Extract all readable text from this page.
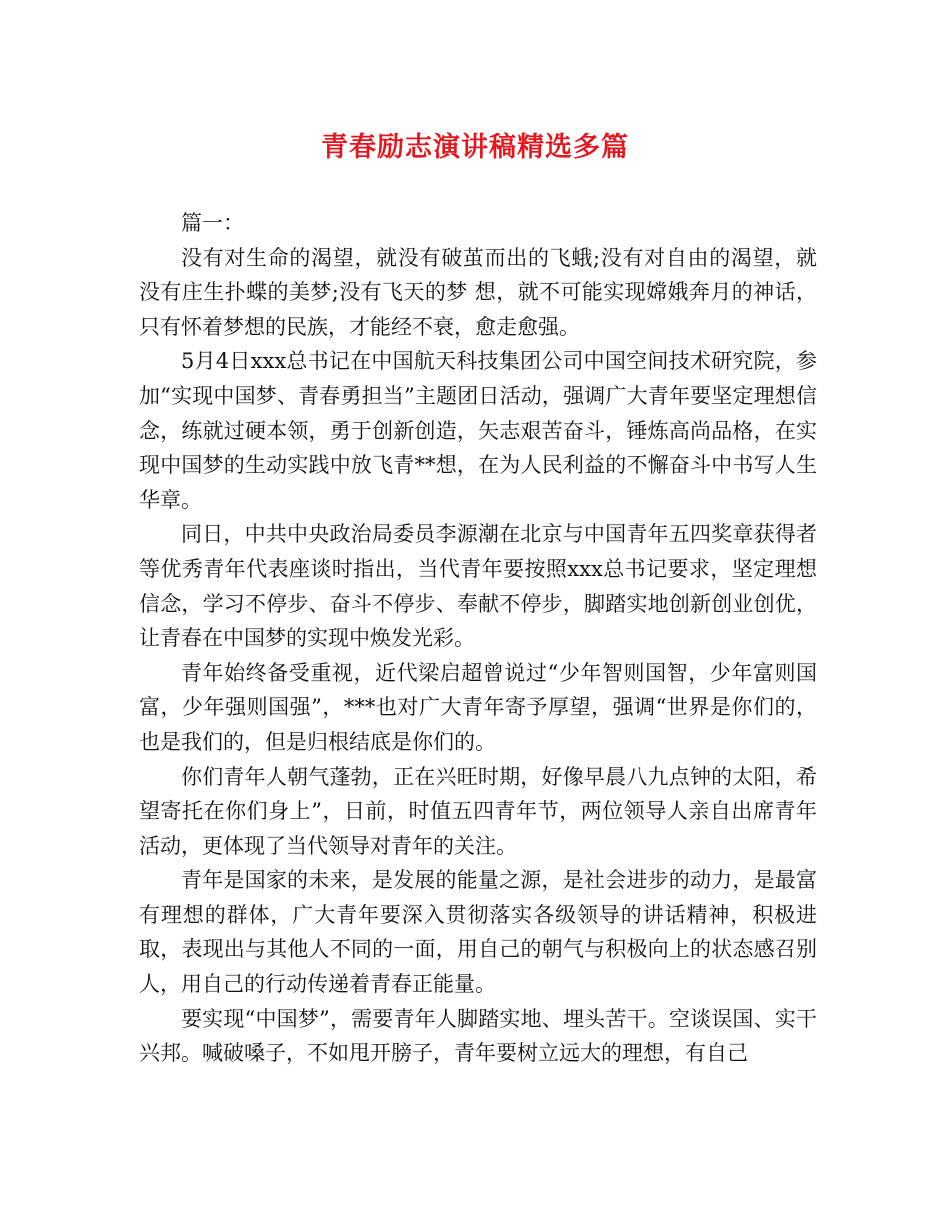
青春励志演讲稿精选多篇

篇一：

没有对生命的渴望，就没有破茧而出的飞蛾;没有对自由的渴望，就没有庄生扑蝶的美梦;没有飞天的梦 想，就不可能实现嫦娥奔月的神话，只有怀着梦想的民族，才能经不衰，愈走愈强。

5月4日xxx总书记在中国航天科技集团公司中国空间技术研究院，参加“实现中国梦、青春勇担当”主题团日活动，强调广大青年要坚定理想信念，练就过硬本领，勇于创新创造，矢志艰苦奋斗，锤炼高尚品格，在实现中国梦的生动实践中放飞青**想，在为人民利益的不懈奋斗中书写人生华章。

同日，中共中央政治局委员李源潮在北京与中国青年五四奖章获得者等优秀青年代表座谈时指出，当代青年要按照xxx总书记要求，坚定理想信念，学习不停步、奋斗不停步、奉献不停步，脚踏实地创新创业创优，让青春在中国梦的实现中焕发光彩。

青年始终备受重视，近代梁启超曾说过“少年智则国智，少年富则国富，少年强则国强”，***也对广大青年寄予厚望，强调“世界是你们的，也是我们的，但是归根结底是你们的。

你们青年人朝气蓬勃，正在兴旺时期，好像早晨八九点钟的太阳，希望寄托在你们身上”，日前，时值五四青年节，两位领导人亲自出席青年活动，更体现了当代领导对青年的关注。

青年是国家的未来，是发展的能量之源，是社会进步的动力，是最富有理想的群体，广大青年要深入贯彻落实各级领导的讲话精神，积极进取，表现出与其他人不同的一面，用自己的朝气与积极向上的状态感召别人，用自己的行动传递着青春正能量。

要实现“中国梦”，需要青年人脚踏实地、埋头苦干。空谈误国、实干兴邦。喊破嗓子，不如甩开膀子，青年要树立远大的理想，有自己
